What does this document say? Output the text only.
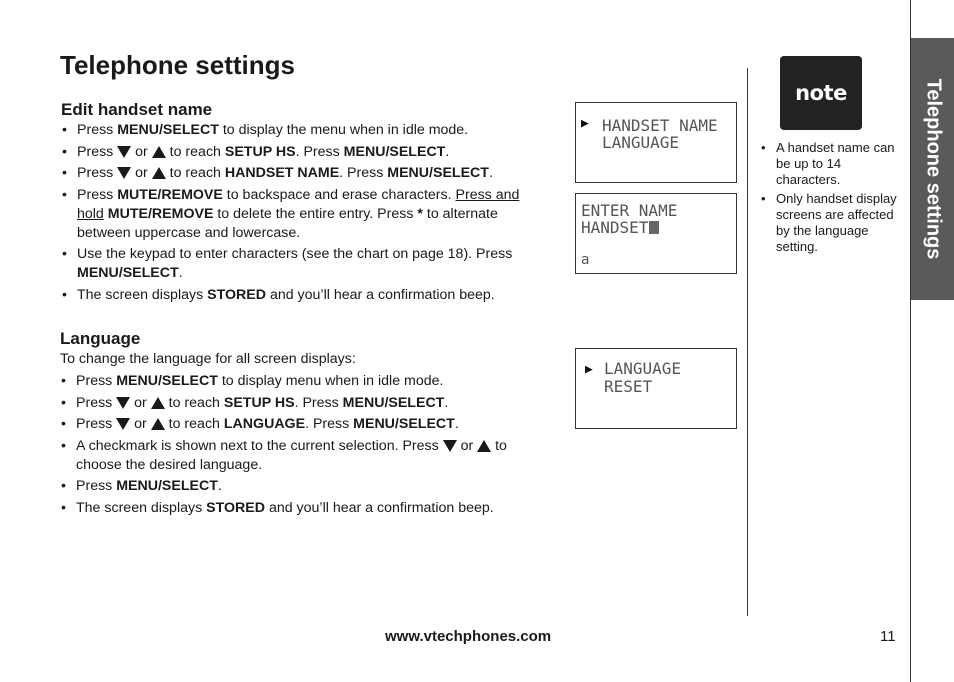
Telephone settings
Edit handset name
• Press MENU/SELECT to display the menu when in idle mode.
• Press  or  to reach SETUP HS. Press MENU/SELECT.
• Press  or  to reach HANDSET NAME. Press MENU/SELECT.
• Press MUTE/REMOVE to backspace and erase characters. Press and hold MUTE/REMOVE to delete the entire entry. Press * to alternate between uppercase and lowercase.
• Use the keypad to enter characters (see the chart on page 18). Press MENU/SELECT.
• The screen displays STORED and you’ll hear a confirmation beep.
Language

To change the language for all screen displays:

• Press MENU/SELECT to display menu when in idle mode.
• Press  or  to reach SETUP HS. Press MENU/SELECT.
• Press  or  to reach LANGUAGE. Press MENU/SELECT.
• A checkmark is shown next to the current selection. Press  or  to choose the desired language.
• Press MENU/SELECT.
• The screen displays STORED and you’ll hear a confirmation beep.
▶ HANDSET NAME
LANGUAGE
ENTER NAME
HANDSET
a
▶ LANGUAGE
RESET
note
• A handset name can be up to 14 characters.
• Only handset display screens are affected by the language setting.	Telephone settings
www.vtechphones.com	11
